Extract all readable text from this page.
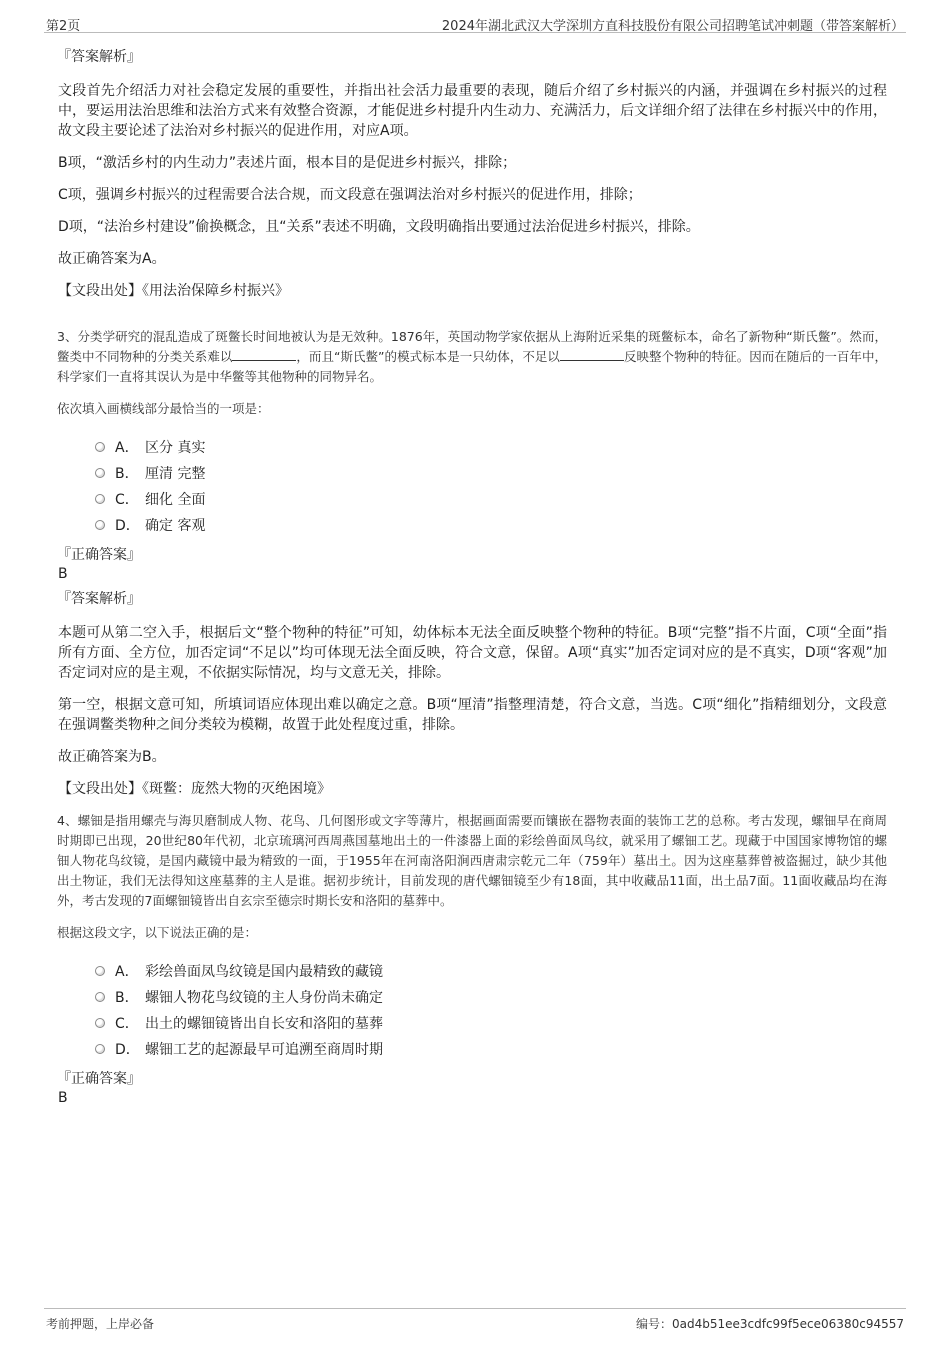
第2页	2024年湖北武汉大学深圳方直科技股份有限公司招聘笔试冲刺题（带答案解析）

『答案解析』

文段首先介绍活力对社会稳定发展的重要性，并指出社会活力最重要的表现，随后介绍了乡村振兴的内涵，并强调在乡村振兴的过程中，要运用法治思维和法治方式来有效整合资源，才能促进乡村提升内生动力、充满活力，后文详细介绍了法律在乡村振兴中的作用，故文段主要论述了法治对乡村振兴的促进作用，对应A项。

B项，“激活乡村的内生动力”表述片面，根本目的是促进乡村振兴，排除；

C项，强调乡村振兴的过程需要合法合规，而文段意在强调法治对乡村振兴的促进作用，排除；

D项，“法治乡村建设”偷换概念，且“关系”表述不明确，文段明确指出要通过法治促进乡村振兴，排除。

故正确答案为A。

【文段出处】《用法治保障乡村振兴》

3、分类学研究的混乱造成了斑鳖长时间地被认为是无效种。1876年，英国动物学家依据从上海附近采集的斑鳖标本，命名了新物种“斯氏鳖”。然而，鳖类中不同物种的分类关系难以	，而且“斯氏鳖”的模式标本是一只幼体，不足以	反映整个物种的特征。因而在随后的一百年中，科学家们一直将其误认为是中华鳖等其他物种的同物异名。

依次填入画横线部分最恰当的一项是：

A． 区分 真实
B． 厘清 完整
C． 细化 全面
D． 确定 客观

『正确答案』

B

『答案解析』

本题可从第二空入手，根据后文“整个物种的特征”可知，幼体标本无法全面反映整个物种的特征。B项“完整”指不片面，C项“全面”指所有方面、全方位，加否定词“不足以”均可体现无法全面反映，符合文意，保留。A项“真实”加否定词对应的是不真实，D项“客观”加否定词对应的是主观，不依据实际情况，均与文意无关，排除。

第一空，根据文意可知，所填词语应体现出难以确定之意。B项“厘清”指整理清楚，符合文意，当选。C项“细化”指精细划分，文段意在强调鳖类物种之间分类较为模糊，故置于此处程度过重，排除。

故正确答案为B。

【文段出处】《斑鳖：庞然大物的灭绝困境》

4、螺钿是指用螺壳与海贝磨制成人物、花鸟、几何图形或文字等薄片，根据画面需要而镶嵌在器物表面的装饰工艺的总称。考古发现，螺钿早在商周时期即已出现，20世纪80年代初，北京琉璃河西周燕国墓地出土的一件漆器上面的彩绘兽面凤鸟纹，就采用了螺钿工艺。现藏于中国国家博物馆的螺钿人物花鸟纹镜，是国内藏镜中最为精致的一面，于1955年在河南洛阳涧西唐肃宗乾元二年（759年）墓出土。因为这座墓葬曾被盗掘过，缺少其他出土物证，我们无法得知这座墓葬的主人是谁。据初步统计，目前发现的唐代螺钿镜至少有18面，其中收藏品11面，出土品7面。11面收藏品均在海外，考古发现的7面螺钿镜皆出自玄宗至德宗时期长安和洛阳的墓葬中。

根据这段文字，以下说法正确的是：

A． 彩绘兽面凤鸟纹镜是国内最精致的藏镜
B． 螺钿人物花鸟纹镜的主人身份尚未确定
C． 出土的螺钿镜皆出自长安和洛阳的墓葬
D． 螺钿工艺的起源最早可追溯至商周时期

『正确答案』

B

考前押题，上岸必备	编号：0ad4b51ee3cdfc99f5ece06380c94557
